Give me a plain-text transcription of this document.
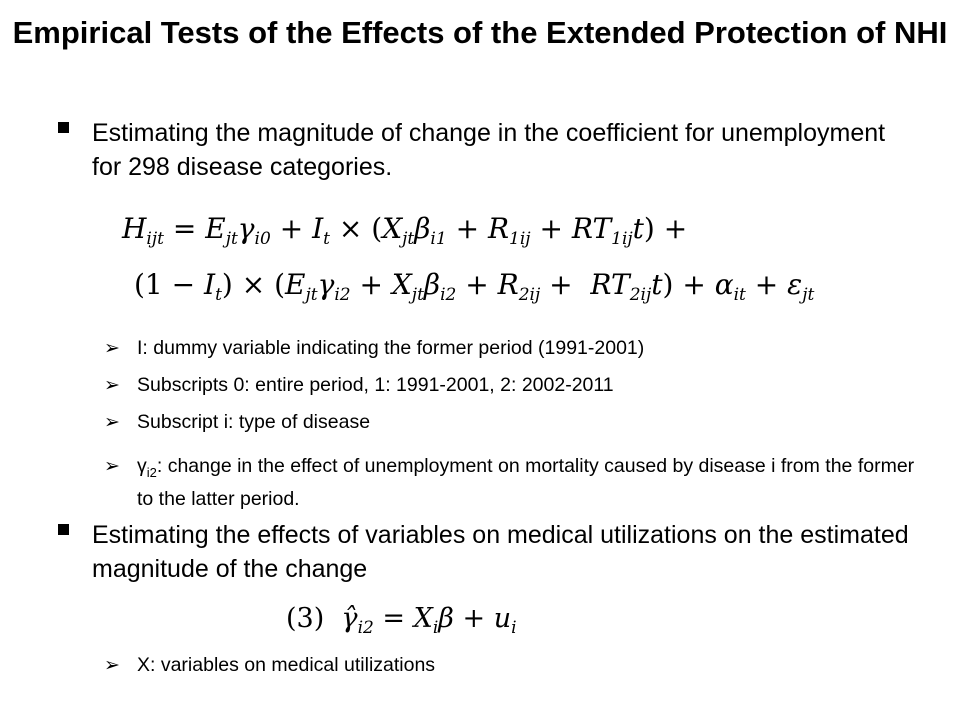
Empirical Tests of the Effects of the Extended Protection of NHI
Estimating the magnitude of change in the coefficient for unemployment for 298 disease categories.
$H_{ijt} = E_{jt}\gamma_{i0} + I_t \times (X_{jt}\beta_{i1} + R_{1ij} + RT_{1ij}t)$ +
$(1 - I_t) \times (E_{jt}\gamma_{i2} + X_{jt}\beta_{i2} + R_{2ij} + RT_{2ij}t) + \alpha_{it} + \varepsilon_{jt}$
➢ I: dummy variable indicating the former period (1991-2001)
➢ Subscripts 0: entire period, 1: 1991-2001, 2: 2002-2011
➢ Subscript i: type of disease
➢ $\gamma_{i2}$: change in the effect of unemployment on mortality caused by disease i from the former to the latter period.
Estimating the effects of variables on medical utilizations on the estimated magnitude of the change
(3)  $\gammâ_{i2} = X_i\beta + u_i$
➢ X: variables on medical utilizations
